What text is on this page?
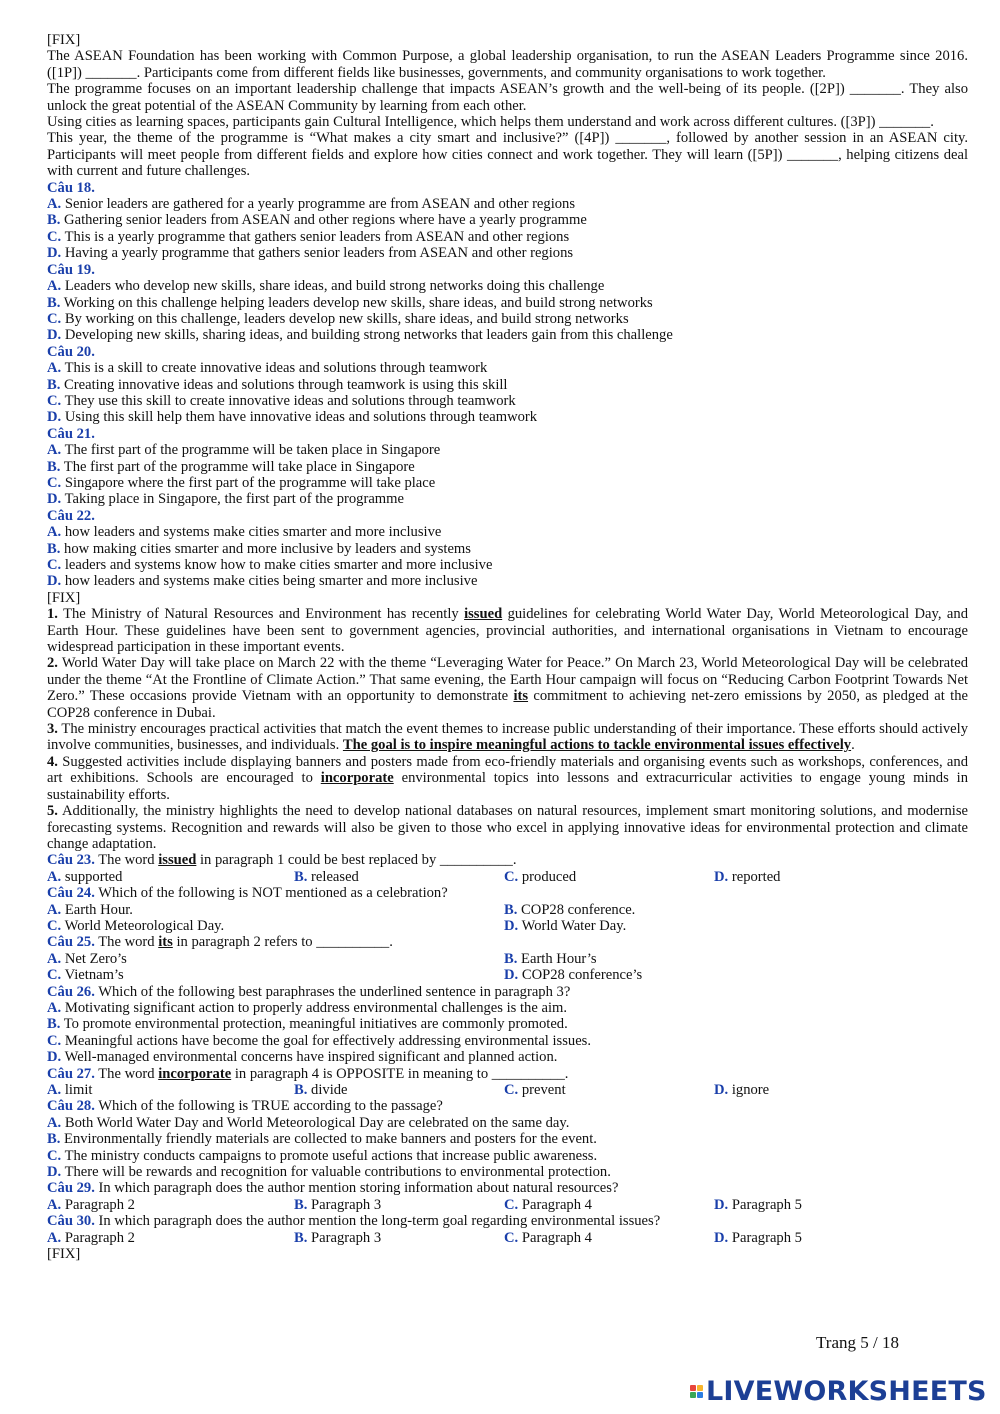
[FIX]
The ASEAN Foundation has been working with Common Purpose, a global leadership organisation, to run the ASEAN Leaders Programme since 2016. ([1P]) _______. Participants come from different fields like businesses, governments, and community organisations to work together.
The programme focuses on an important leadership challenge that impacts ASEAN’s growth and the well-being of its people. ([2P]) _______. They also unlock the great potential of the ASEAN Community by learning from each other.
Using cities as learning spaces, participants gain Cultural Intelligence, which helps them understand and work across different cultures. ([3P]) _______.
This year, the theme of the programme is “What makes a city smart and inclusive?” ([4P]) _______, followed by another session in an ASEAN city. Participants will meet people from different fields and explore how cities connect and work together. They will learn ([5P]) _______, helping citizens deal with current and future challenges.
Câu 18.
A. Senior leaders are gathered for a yearly programme are from ASEAN and other regions
B. Gathering senior leaders from ASEAN and other regions where have a yearly programme
C. This is a yearly programme that gathers senior leaders from ASEAN and other regions
D. Having a yearly programme that gathers senior leaders from ASEAN and other regions
Câu 19.
A. Leaders who develop new skills, share ideas, and build strong networks doing this challenge
B. Working on this challenge helping leaders develop new skills, share ideas, and build strong networks
C. By working on this challenge, leaders develop new skills, share ideas, and build strong networks
D. Developing new skills, sharing ideas, and building strong networks that leaders gain from this challenge
Câu 20.
A. This is a skill to create innovative ideas and solutions through teamwork
B. Creating innovative ideas and solutions through teamwork is using this skill
C. They use this skill to create innovative ideas and solutions through teamwork
D. Using this skill help them have innovative ideas and solutions through teamwork
Câu 21.
A. The first part of the programme will be taken place in Singapore
B. The first part of the programme will take place in Singapore
C. Singapore where the first part of the programme will take place
D. Taking place in Singapore, the first part of the programme
Câu 22.
A. how leaders and systems make cities smarter and more inclusive
B. how making cities smarter and more inclusive by leaders and systems
C. leaders and systems know how to make cities smarter and more inclusive
D. how leaders and systems make cities being smarter and more inclusive
[FIX]
1. The Ministry of Natural Resources and Environment has recently issued guidelines for celebrating World Water Day, World Meteorological Day, and Earth Hour. These guidelines have been sent to government agencies, provincial authorities, and international organisations in Vietnam to encourage widespread participation in these important events.
2. World Water Day will take place on March 22 with the theme “Leveraging Water for Peace.” On March 23, World Meteorological Day will be celebrated under the theme “At the Frontline of Climate Action.” That same evening, the Earth Hour campaign will focus on “Reducing Carbon Footprint Towards Net Zero.” These occasions provide Vietnam with an opportunity to demonstrate its commitment to achieving net-zero emissions by 2050, as pledged at the COP28 conference in Dubai.
3. The ministry encourages practical activities that match the event themes to increase public understanding of their importance. These efforts should actively involve communities, businesses, and individuals. The goal is to inspire meaningful actions to tackle environmental issues effectively.
4. Suggested activities include displaying banners and posters made from eco-friendly materials and organising events such as workshops, conferences, and art exhibitions. Schools are encouraged to incorporate environmental topics into lessons and extracurricular activities to engage young minds in sustainability efforts.
5. Additionally, the ministry highlights the need to develop national databases on natural resources, implement smart monitoring solutions, and modernise forecasting systems. Recognition and rewards will also be given to those who excel in applying innovative ideas for environmental protection and climate change adaptation.
Câu 23. The word issued in paragraph 1 could be best replaced by __________.
A. supported	B. released	C. produced	D. reported
Câu 24. Which of the following is NOT mentioned as a celebration?
A. Earth Hour.	B. COP28 conference.
C. World Meteorological Day.	D. World Water Day.
Câu 25. The word its in paragraph 2 refers to __________.
A. Net Zero’s	B. Earth Hour’s
C. Vietnam’s	D. COP28 conference’s
Câu 26. Which of the following best paraphrases the underlined sentence in paragraph 3?
A. Motivating significant action to properly address environmental challenges is the aim.
B. To promote environmental protection, meaningful initiatives are commonly promoted.
C. Meaningful actions have become the goal for effectively addressing environmental issues.
D. Well-managed environmental concerns have inspired significant and planned action.
Câu 27. The word incorporate in paragraph 4 is OPPOSITE in meaning to __________.
A. limit	B. divide	C. prevent	D. ignore
Câu 28. Which of the following is TRUE according to the passage?
A. Both World Water Day and World Meteorological Day are celebrated on the same day.
B. Environmentally friendly materials are collected to make banners and posters for the event.
C. The ministry conducts campaigns to promote useful actions that increase public awareness.
D. There will be rewards and recognition for valuable contributions to environmental protection.
Câu 29. In which paragraph does the author mention storing information about natural resources?
A. Paragraph 2	B. Paragraph 3	C. Paragraph 4	D. Paragraph 5
Câu 30. In which paragraph does the author mention the long-term goal regarding environmental issues?
A. Paragraph 2	B. Paragraph 3	C. Paragraph 4	D. Paragraph 5
[FIX]
Trang 5 / 18
LIVEWORKSHEETS
